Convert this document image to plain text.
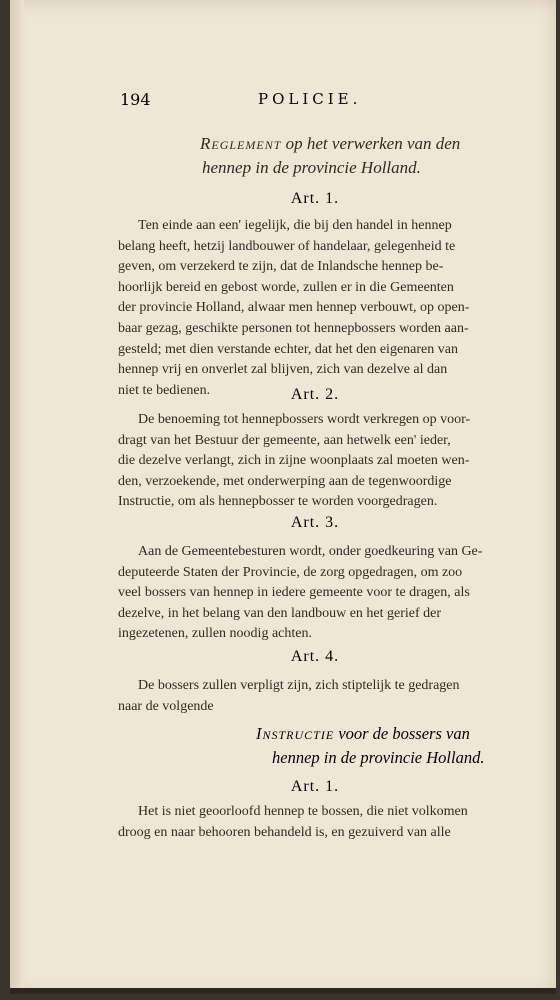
194	POLICIE.
Reglement op het verwerken van den
hennep in de provincie Holland.
Art. 1.
Ten einde aan een' iegelijk, die bij den handel in hennep
belang heeft, hetzij landbouwer of handelaar, gelegenheid te
geven, om verzekerd te zijn, dat de Inlandsche hennep be-
hoorlijk bereid en gebost worde, zullen er in die Gemeenten
der provincie Holland, alwaar men hennep verbouwt, op open-
baar gezag, geschikte personen tot hennepbossers worden aan-
gesteld; met dien verstande echter, dat het den eigenaren van
hennep vrij en onverlet zal blijven, zich van dezelve al dan
niet te bedienen.	Art. 2.
De benoeming tot hennepbossers wordt verkregen op voor-
dragt van het Bestuur der gemeente, aan hetwelk een' ieder,
die dezelve verlangt, zich in zijne woonplaats zal moeten wen-
den, verzoekende, met onderwerping aan de tegenwoordige
Instructie, om als hennepbosser te worden voorgedragen.
Art. 3.
Aan de Gemeentebesturen wordt, onder goedkeuring van Ge-
deputeerde Staten der Provincie, de zorg opgedragen, om zoo
veel bossers van hennep in iedere gemeente voor te dragen, als
dezelve, in het belang van den landbouw en het gerief der
ingezetenen, zullen noodig achten.
Art. 4.
De bossers zullen verpligt zijn, zich stiptelijk te gedragen
naar de volgende
Instructie voor de bossers van
hennep in de provincie Holland.
Art. 1.
Het is niet geoorloofd hennep te bossen, die niet volkomen
droog en naar behooren behandeld is, en gezuiverd van alle
